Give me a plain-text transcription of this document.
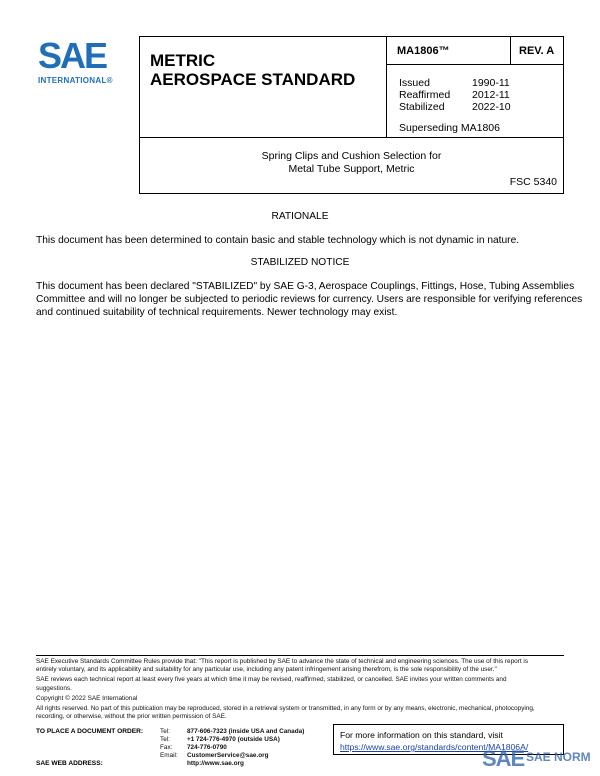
SAE
INTERNATIONAL®
METRIC
AEROSPACE STANDARD
MA1806™	REV. A
Issued
Reaffirmed
Stabilized
1990-11
2012-11
2022-10
Superseding MA1806
Spring Clips and Cushion Selection for
Metal Tube Support, Metric
FSC 5340
RATIONALE
This document has been determined to contain basic and stable technology which is not dynamic in nature.
STABILIZED NOTICE
This document has been declared "STABILIZED" by SAE G-3, Aerospace Couplings, Fittings, Hose, Tubing Assemblies
Committee and will no longer be subjected to periodic reviews for currency. Users are responsible for verifying references
and continued suitability of technical requirements. Newer technology may exist.
SAE Executive Standards Committee Rules provide that: "This report is published by SAE to advance the state of technical and engineering sciences. The use of this report is
entirely voluntary, and its applicability and suitability for any particular use, including any patent infringement arising therefrom, is the sole responsibility of the user."
SAE reviews each technical report at least every five years at which time it may be revised, reaffirmed, stabilized, or cancelled. SAE invites your written comments and
suggestions.
Copyright © 2022 SAE International
All rights reserved. No part of this publication may be reproduced, stored in a retrieval system or transmitted, in any form or by any means, electronic, mechanical, photocopying,
recording, or otherwise, without the prior written permission of SAE.
TO PLACE A DOCUMENT ORDER:
SAE WEB ADDRESS:
Tel:
Tel:
Fax:
Email:
877-606-7323 (inside USA and Canada)
+1 724-776-4970 (outside USA)
724-776-0790
CustomerService@sae.org
http://www.sae.org
For more information on this standard, visit
https://www.sae.org/standards/content/MA1806A/
SAE SAE NORM
